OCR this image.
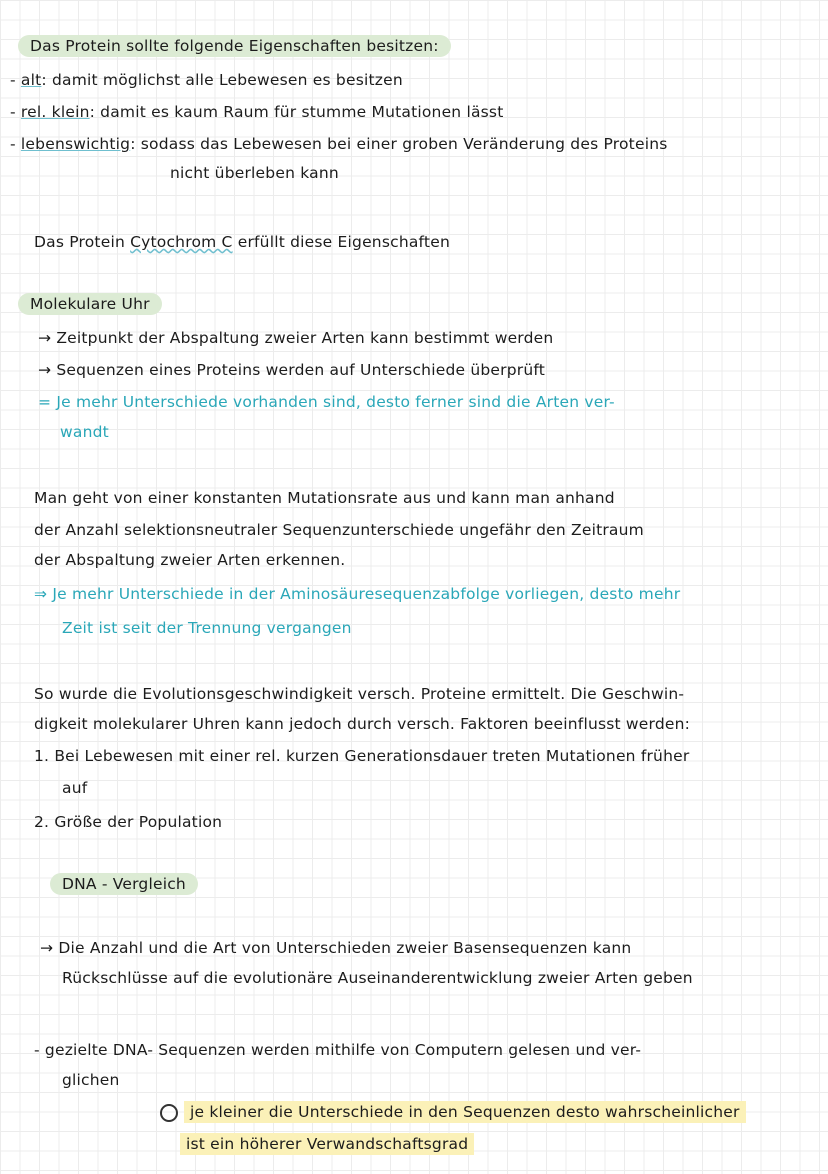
Das Protein sollte folgende Eigenschaften besitzen:
- alt: damit möglichst alle Lebewesen es besitzen
- rel. klein: damit es kaum Raum für stumme Mutationen lässt
- lebenswichtig: sodass das Lebewesen bei einer groben Veränderung des Proteins
nicht überleben kann
Das Protein Cytochrom C erfüllt diese Eigenschaften
Molekulare Uhr
→ Zeitpunkt der Abspaltung zweier Arten kann bestimmt werden
→ Sequenzen eines Proteins werden auf Unterschiede überprüft
= Je mehr Unterschiede vorhanden sind, desto ferner sind die Arten ver-
wandt
Man geht von einer konstanten Mutationsrate aus und kann man anhand
der Anzahl selektionsneutraler Sequenzunterschiede ungefähr den Zeitraum
der Abspaltung zweier Arten erkennen.
⇒ Je mehr Unterschiede in der Aminosäuresequenzabfolge vorliegen, desto mehr
Zeit ist seit der Trennung vergangen
So wurde die Evolutionsgeschwindigkeit versch. Proteine ermittelt. Die Geschwin-
digkeit molekularer Uhren kann jedoch durch versch. Faktoren beeinflusst werden:
1. Bei Lebewesen mit einer rel. kurzen Generationsdauer treten Mutationen früher
auf
2. Größe der Population
DNA - Vergleich
→ Die Anzahl und die Art von Unterschieden zweier Basensequenzen kann
Rückschlüsse auf die evolutionäre Auseinanderentwicklung zweier Arten geben
- gezielte DNA- Sequenzen werden mithilfe von Computern gelesen und ver-
glichen
je kleiner die Unterschiede in den Sequenzen desto wahrscheinlicher
ist ein höherer Verwandschaftsgrad
